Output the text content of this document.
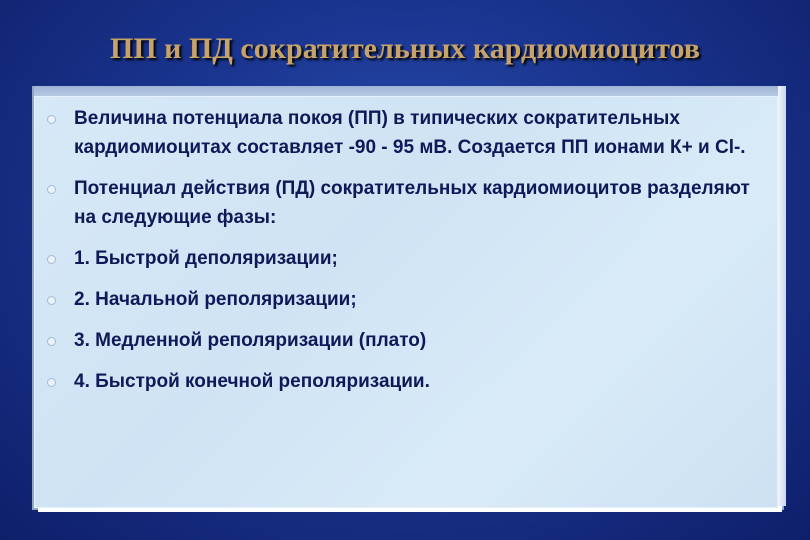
ПП и ПД сократительных кардиомиоцитов
Величина потенциала покоя (ПП) в типических сократительных кардиомиоцитах составляет -90 - 95 мВ. Создается ПП ионами К+ и Cl-.
Потенциал действия (ПД) сократительных кардиомиоцитов разделяют на следующие фазы:
1. Быстрой деполяризации;
2. Начальной реполяризации;
3. Медленной реполяризации (плато)
4. Быстрой конечной реполяризации.
